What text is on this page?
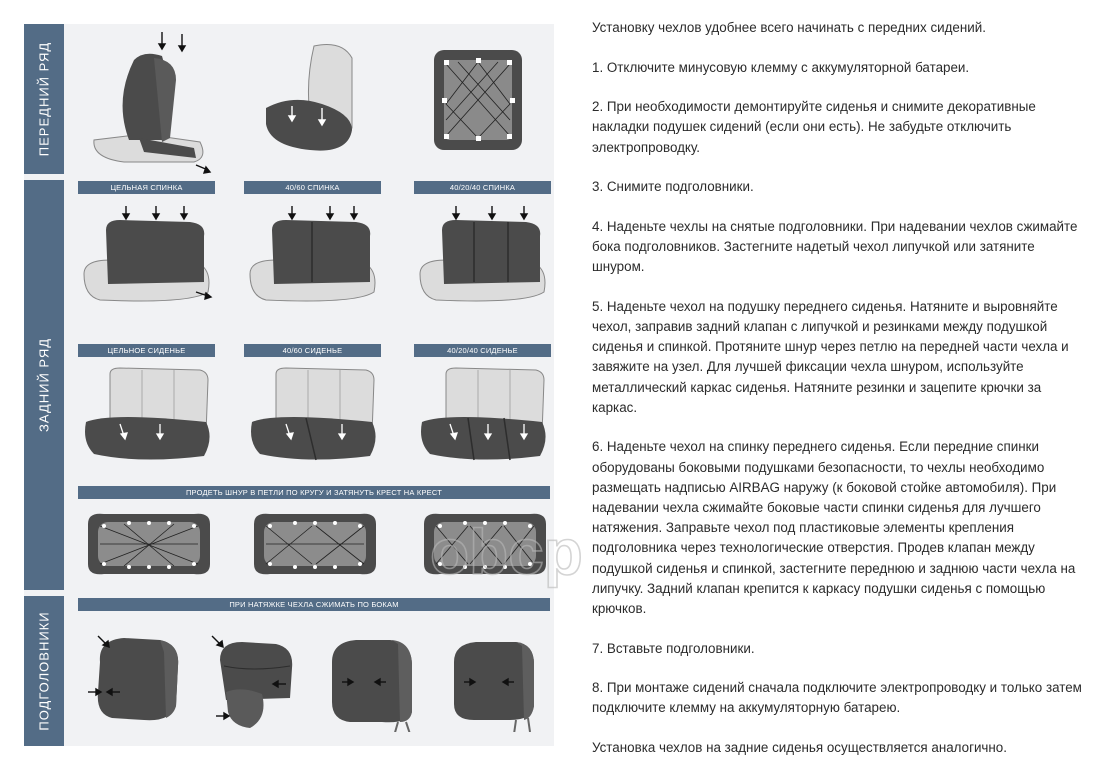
ПЕРЕДНИЙ РЯД
ЗАДНИЙ РЯД
ПОДГОЛОВНИКИ
ЦЕЛЬНАЯ СПИНКА	40/60 СПИНКА	40/20/40 СПИНКА
ЦЕЛЬНОЕ СИДЕНЬЕ	40/60 СИДЕНЬЕ	40/20/40 СИДЕНЬЕ
ПРОДЕТЬ ШНУР В ПЕТЛИ ПО КРУГУ И ЗАТЯНУТЬ КРЕСТ НА КРЕСТ
ПРИ НАТЯЖКЕ ЧЕХЛА СЖИМАТЬ ПО БОКАМ

Установку чехлов удобнее всего начинать с передних сидений.

1. Отключите минусовую клемму с аккумуляторной батареи.

2. При необходимости демонтируйте сиденья и снимите декоративные накладки подушек сидений (если они есть). Не забудьте отключить электропроводку.

3. Снимите подголовники.

4. Наденьте чехлы на снятые подголовники. При надевании чехлов сжимайте бока подголовников. Застегните надетый чехол липучкой или затяните шнуром.

5. Наденьте чехол на подушку переднего сиденья. Натяните и выровняйте чехол, заправив задний клапан с липучкой и резинками между подушкой сиденья и спинкой. Протяните шнур через петлю на передней части чехла и завяжите на узел. Для лучшей фиксации чехла шнуром, используйте металлический каркас сиденья. Натяните резинки и зацепите крючки за каркас.

6. Наденьте чехол на спинку переднего сиденья. Если передние спинки оборудованы боковыми подушками безопасности, то чехлы необходимо размещать надписью AIRBAG наружу (к боковой стойке автомобиля). При надевании чехла сжимайте боковые части спинки сиденья для лучшего натяжения. Заправьте чехол под пластиковые элементы крепления подголовника через технологические отверстия. Продев клапан между подушкой сиденья и спинкой, застегните переднюю и заднюю части чехла на липучку. Задний клапан крепится к каркасу подушки сиденья с помощью крючков.

7. Вставьте подголовники.

8. При монтаже сидений сначала подключите электропроводку и только затем подключите клемму на аккумуляторную батарею.

Установка чехлов на задние сиденья осуществляется аналогично.

obcp
